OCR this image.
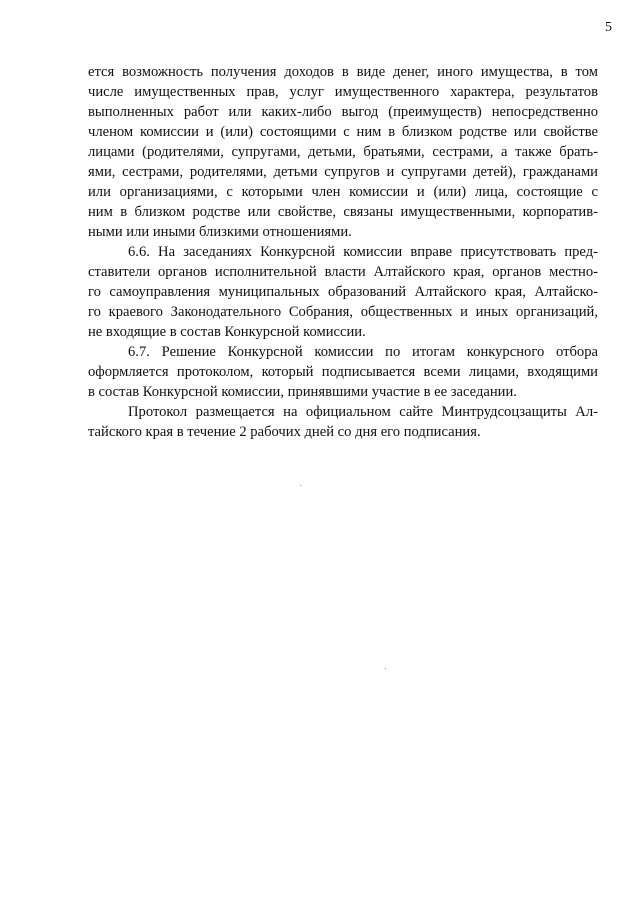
5
ется возможность получения доходов в виде денег, иного имущества, в том
числе имущественных прав, услуг имущественного характера, результатов
выполненных работ или каких-либо выгод (преимуществ) непосредственно
членом комиссии и (или) состоящими с ним в близком родстве или свойстве
лицами (родителями, супругами, детьми, братьями, сестрами, а также брать-
ями, сестрами, родителями, детьми супругов и супругами детей), гражданами
или организациями, с которыми член комиссии и (или) лица, состоящие с
ним в близком родстве или свойстве, связаны имущественными, корпоратив-
ными или иными близкими отношениями.
6.6. На заседаниях Конкурсной комиссии вправе присутствовать пред-
ставители органов исполнительной власти Алтайского края, органов местно-
го самоуправления муниципальных образований Алтайского края, Алтайско-
го краевого Законодательного Собрания, общественных и иных организаций,
не входящие в состав Конкурсной комиссии.
6.7. Решение Конкурсной комиссии по итогам конкурсного отбора
оформляется протоколом, который подписывается всеми лицами, входящими
в состав Конкурсной комиссии, принявшими участие в ее заседании.
Протокол размещается на официальном сайте Минтрудсоцзащиты Ал-
тайского края в течение 2 рабочих дней со дня его подписания.
